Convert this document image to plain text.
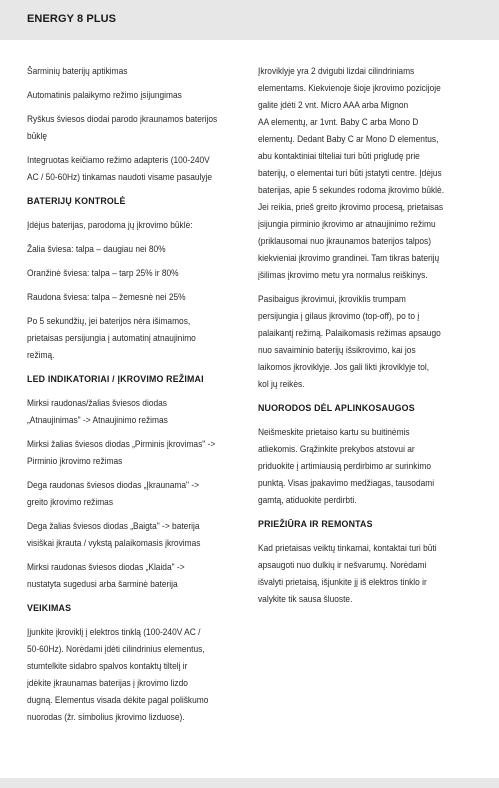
ENERGY 8 PLUS
Šarminių baterijų aptikimas
Automatinis palaikymo režimo įsijungimas
Ryškus šviesos diodai parodo įkraunamos baterijos
būklę
Integruotas keičiamo režimo adapteris (100-240V
AC / 50-60Hz) tinkamas naudoti visame pasaulyje
BATERIJŲ KONTROLĖ
Įdėjus baterijas, parodoma jų įkrovimo būklė:
Žalia šviesa: talpa – daugiau nei 80%
Oranžinė šviesa: talpa – tarp 25% ir 80%
Raudona šviesa: talpa – žemesnė nei 25%
Po 5 sekundžių, jei baterijos nėra išimamos,
prietaisas persijungia į automatinį atnaujinimo
režimą.
LED INDIKATORIAI / ĮKROVIMO REŽIMAI
Mirksi raudonas/žalias šviesos diodas
„Atnaujinimas" -> Atnaujinimo režimas
Mirksi žalias šviesos diodas „Pirminis įkrovimas" ->
Pirminio įkrovimo režimas
Dega raudonas šviesos diodas „Įkraunama" ->
greito įkrovimo režimas
Dega žalias šviesos diodas „Baigta" -> baterija
visiškai įkrauta / vykstą palaikomasis įkrovimas
Mirksi raudonas šviesos diodas „Klaida" ->
nustatyta sugedusi arba šarminė baterija
VEIKIMAS
Įjunkite įkroviklį į elektros tinklą (100-240V AC /
50-60Hz). Norėdami įdėti cilindrinius elementus,
stumtelkite sidabro spalvos kontaktų tiltelį ir
įdėkite įkraunamas baterijas į įkrovimo lizdo
dugną. Elementus visada dėkite pagal poliškumo
nuorodas (žr. simbolius įkrovimo lizduose).
Įkroviklyje yra 2 dvigubi lizdai cilindriniams
elementams. Kiekvienoje šioje įkrovimo pozicijoje
galite įdėti 2 vnt. Micro AAA arba Mignon
AA elementų, ar 1vnt. Baby C arba Mono D
elementų. Dedant Baby C ar Mono D elementus,
abu kontaktiniai tilteliai turi būti prigludę prie
baterijų, o elementai turi būti įstatyti centre. Įdėjus
baterijas, apie 5 sekundes rodoma įkrovimo būklė.
Jei reikia, prieš greito įkrovimo procesą, prietaisas
įsijungia pirminio įkrovimo ar atnaujinimo režimu
(priklausomai nuo įkraunamos baterijos talpos)
kiekvieniai įkrovimo grandinei. Tam tikras baterijų
įšilimas įkrovimo metu yra normalus reiškinys.
Pasibaigus įkrovimui, įkroviklis trumpam
persijungia į gilaus įkrovimo (top-off), po to į
palaikantį režimą. Palaikomasis režimas apsaugo
nuo savaiminio baterijų išsikrovimo, kai jos
laikomos įkroviklyje. Jos gali likti įkroviklyje tol,
kol jų reikės.
NUORODOS DĖL APLINKOSAUGOS
Neišmeskite prietaiso kartu su buitinėmis
atliekomis. Grąžinkite prekybos atstovui ar
priduokite į artimiausią perdirbimo ar surinkimo
punktą. Visas įpakavimo medžiagas, tausodami
gamtą, atiduokite perdirbti.
PRIEŽIŪRA IR REMONTAS
Kad prietaisas veiktų tinkamai, kontaktai turi būti
apsaugoti nuo dulkių ir nešvarumų. Norėdami
išvalyti prietaisą, išjunkite jį iš elektros tinklo ir
valykite tik sausa šluoste.
